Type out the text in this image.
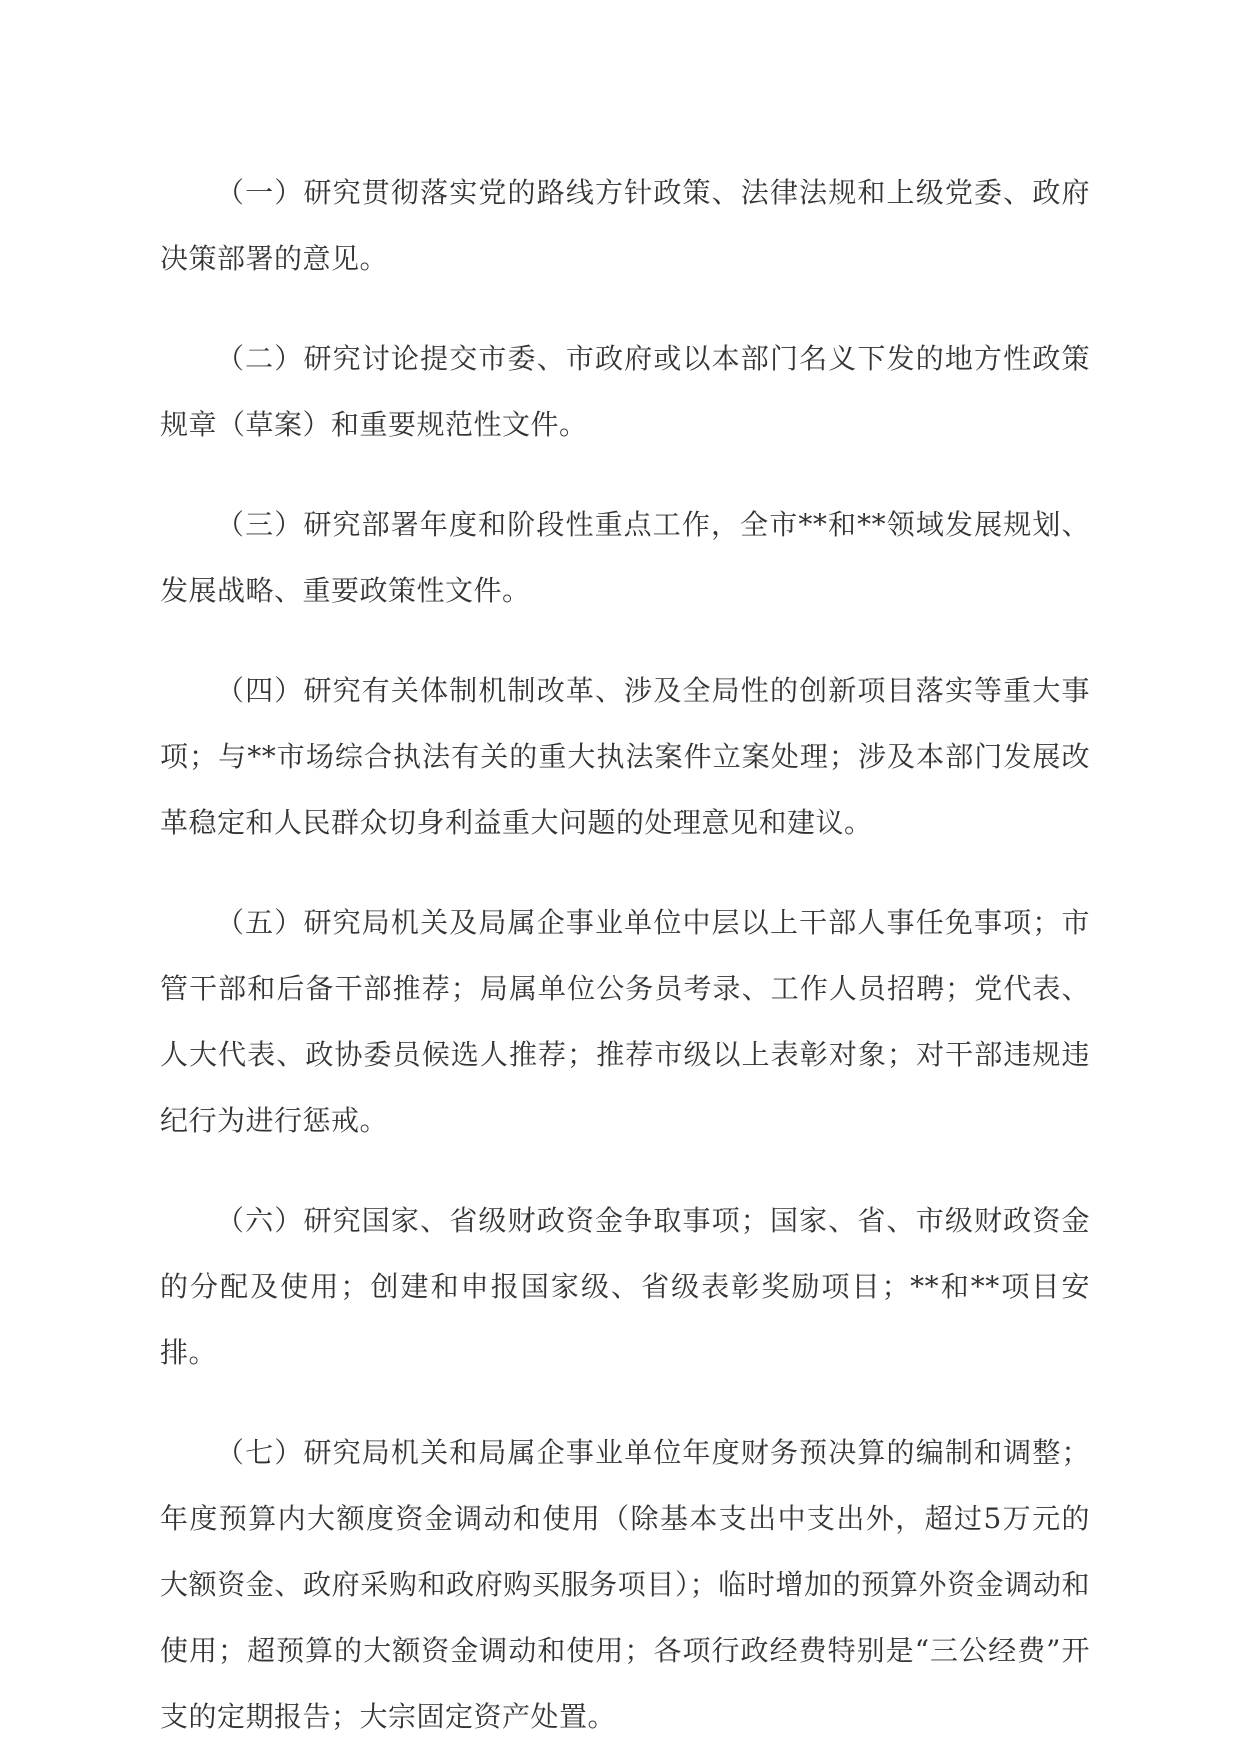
（一）研究贯彻落实党的路线方针政策、法律法规和上级党委、政府决策部署的意见。

（二）研究讨论提交市委、市政府或以本部门名义下发的地方性政策规章（草案）和重要规范性文件。

（三）研究部署年度和阶段性重点工作，全市**和**领域发展规划、发展战略、重要政策性文件。

（四）研究有关体制机制改革、涉及全局性的创新项目落实等重大事项；与**市场综合执法有关的重大执法案件立案处理；涉及本部门发展改革稳定和人民群众切身利益重大问题的处理意见和建议。

（五）研究局机关及局属企事业单位中层以上干部人事任免事项；市管干部和后备干部推荐；局属单位公务员考录、工作人员招聘；党代表、人大代表、政协委员候选人推荐；推荐市级以上表彰对象；对干部违规违纪行为进行惩戒。

（六）研究国家、省级财政资金争取事项；国家、省、市级财政资金的分配及使用；创建和申报国家级、省级表彰奖励项目；**和**项目安排。

（七）研究局机关和局属企事业单位年度财务预决算的编制和调整；年度预算内大额度资金调动和使用（除基本支出中支出外，超过5万元的大额资金、政府采购和政府购买服务项目）；临时增加的预算外资金调动和使用；超预算的大额资金调动和使用；各项行政经费特别是“三公经费”开支的定期报告；大宗固定资产处置。
